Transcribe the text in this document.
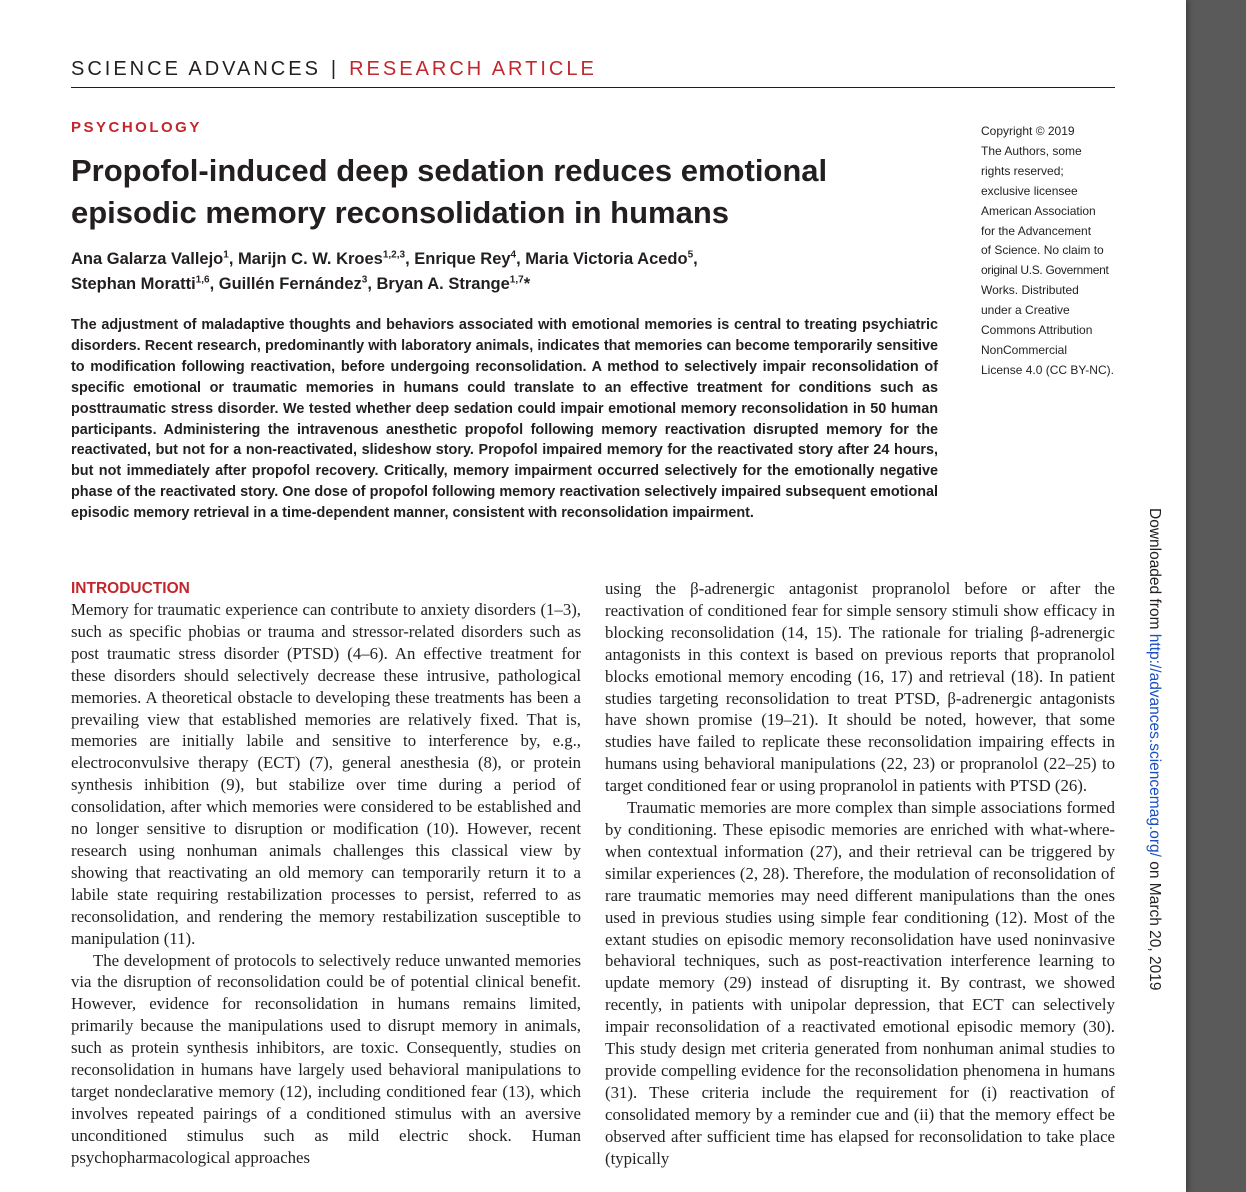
SCIENCE ADVANCES | RESEARCH ARTICLE
PSYCHOLOGY
Propofol-induced deep sedation reduces emotional episodic memory reconsolidation in humans
Ana Galarza Vallejo$^1$, Marijn C. W. Kroes$^{1,2,3}$, Enrique Rey$^4$, Maria Victoria Acedo$^5$,
Stephan Moratti$^{1,6}$, Guillén Fernández$^3$, Bryan A. Strange$^{1,7}$*
Copyright © 2019
The Authors, some
rights reserved;
exclusive licensee
American Association
for the Advancement
of Science. No claim to
original U.S. Government
Works. Distributed
under a Creative
Commons Attribution
NonCommercial
License 4.0 (CC BY-NC).
The adjustment of maladaptive thoughts and behaviors associated with emotional memories is central to treating psychiatric disorders. Recent research, predominantly with laboratory animals, indicates that memories can become temporarily sensitive to modification following reactivation, before undergoing reconsolidation. A method to selectively impair reconsolidation of specific emotional or traumatic memories in humans could translate to an effective treatment for conditions such as posttraumatic stress disorder. We tested whether deep sedation could impair emotional memory reconsolidation in 50 human participants. Administering the intravenous anesthetic propofol following memory reactivation disrupted memory for the reactivated, but not for a non-reactivated, slideshow story. Propofol impaired memory for the reactivated story after 24 hours, but not immediately after propofol recovery. Critically, memory impairment occurred selectively for the emotionally negative phase of the reactivated story. One dose of propofol following memory reactivation selectively impaired subsequent emotional episodic memory retrieval in a time-dependent manner, consistent with reconsolidation impairment.
INTRODUCTION

Memory for traumatic experience can contribute to anxiety disorders (1–3), such as specific phobias or trauma and stressor-related disorders such as post traumatic stress disorder (PTSD) (4–6). An effective treatment for these disorders should selectively decrease these intrusive, pathological memories. A theoretical obstacle to developing these treatments has been a prevailing view that established memories are relatively fixed. That is, memories are initially labile and sensitive to interference by, e.g., electroconvulsive therapy (ECT) (7), general anesthesia (8), or protein synthesis inhibition (9), but stabilize over time during a period of consolidation, after which memories were considered to be established and no longer sensitive to disruption or modification (10). However, recent research using nonhuman animals challenges this classical view by showing that reactivating an old memory can temporarily return it to a labile state requiring restabilization processes to persist, referred to as reconsolidation, and rendering the memory restabilization susceptible to manipulation (11).

The development of protocols to selectively reduce unwanted memories via the disruption of reconsolidation could be of potential clinical benefit. However, evidence for reconsolidation in humans remains limited, primarily because the manipulations used to disrupt memory in animals, such as protein synthesis inhibitors, are toxic. Consequently, studies on reconsolidation in humans have largely used behavioral manipulations to target nondeclarative memory (12), including conditioned fear (13), which involves repeated pairings of a conditioned stimulus with an aversive unconditioned stimulus such as mild electric shock. Human psychopharmacological approaches

using the β-adrenergic antagonist propranolol before or after the reactivation of conditioned fear for simple sensory stimuli show efficacy in blocking reconsolidation (14, 15). The rationale for trialing β-adrenergic antagonists in this context is based on previous reports that propranolol blocks emotional memory encoding (16, 17) and retrieval (18). In patient studies targeting reconsolidation to treat PTSD, β-adrenergic antagonists have shown promise (19–21). It should be noted, however, that some studies have failed to replicate these reconsolidation impairing effects in humans using behavioral manipulations (22, 23) or propranolol (22–25) to target conditioned fear or using propranolol in patients with PTSD (26).

Traumatic memories are more complex than simple associations formed by conditioning. These episodic memories are enriched with what-where-when contextual information (27), and their retrieval can be triggered by similar experiences (2, 28). Therefore, the modulation of reconsolidation of rare traumatic memories may need different manipulations than the ones used in previous studies using simple fear conditioning (12). Most of the extant studies on episodic memory reconsolidation have used noninvasive behavioral techniques, such as post-reactivation interference learning to update memory (29) instead of disrupting it. By contrast, we showed recently, in patients with unipolar depression, that ECT can selectively impair reconsolidation of a reactivated emotional episodic memory (30). This study design met criteria generated from nonhuman animal studies to provide compelling evidence for the reconsolidation phenomena in humans (31). These criteria include the requirement for (i) reactivation of consolidated memory by a reminder cue and (ii) that the memory effect be observed after sufficient time has elapsed for reconsolidation to take place (typically

Downloaded from http://advances.sciencemag.org/ on March 20, 2019
